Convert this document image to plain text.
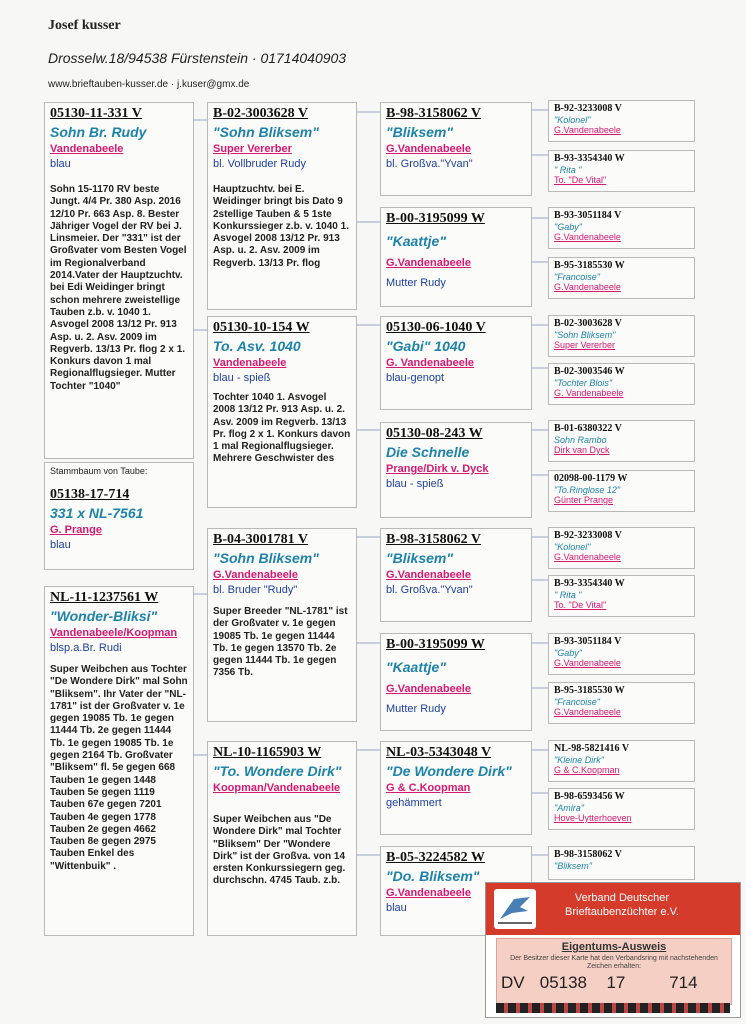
Josef kusser
Drosselw.18/94538 Fürstenstein · 01714040903
www.brieftauben-kusser.de · j.kuser@gmx.de
05130-11-331 V
Sohn Br. Rudy
Vandenabeele
blau
Sohn 15-1170 RV beste Jungt. 4/4 Pr. 380 Asp. 2016 12/10 Pr. 663 Asp. 8. Bester Jähriger Vogel der RV bei J. Linsmeier. Der "331" ist der Großvater vom Besten Vogel im Regionalverband 2014.Vater der Hauptzuchtv. bei Edi Weidinger bringt schon mehrere zweistellige Tauben z.b. v. 1040 1. Asvogel 2008 13/12 Pr. 913 Asp. u. 2. Asv. 2009 im Regverb. 13/13 Pr. flog 2 x 1. Konkurs davon 1 mal Regionalflugsieger. Mutter Tochter "1040"
Stammbaum von Taube:
05138-17-714
331 x NL-7561
G. Prange
blau
NL-11-1237561 W
"Wonder-Bliksi"
Vandenabeele/Koopman
blsp.a.Br. Rudi
Super Weibchen aus Tochter "De Wondere Dirk" mal Sohn "Bliksem". Ihr Vater der "NL-1781" ist der Großvater v. 1e gegen 19085 Tb. 1e gegen 11444 Tb. 2e gegen 11444 Tb. 1e gegen 19085 Tb. 1e gegen 2164 Tb. Großvater "Bliksem" fl. 5e gegen 668 Tauben 1e gegen 1448 Tauben 5e gegen 1119 Tauben 67e gegen 7201 Tauben 4e gegen 1778 Tauben 2e gegen 4662 Tauben 8e gegen 2975 Tauben Enkel des "Wittenbuik" .
B-02-3003628 V
"Sohn Bliksem"
Super Vererber
bl. Vollbruder Rudy
Hauptzuchtv. bei E. Weidinger bringt bis Dato 9 2stellige Tauben & 5 1ste Konkurssieger z.b. v. 1040 1. Asvogel 2008 13/12 Pr. 913 Asp. u. 2. Asv. 2009 im Regverb. 13/13 Pr. flog
05130-10-154 W
To. Asv. 1040
Vandenabeele
blau - spieß
Tochter 1040 1. Asvogel 2008 13/12 Pr. 913 Asp. u. 2. Asv. 2009 im Regverb. 13/13 Pr. flog 2 x 1. Konkurs davon 1 mal Regionalflugsieger. Mehrere Geschwister des
B-04-3001781 V
"Sohn Bliksem"
G.Vandenabeele
bl. Bruder "Rudy"
Super Breeder "NL-1781" ist der Großvater v. 1e gegen 19085 Tb. 1e gegen 11444 Tb. 1e gegen 13570 Tb. 2e gegen 11444 Tb. 1e gegen 7356 Tb.
NL-10-1165903 W
"To. Wondere Dirk"
Koopman/Vandenabeele
Super Weibchen aus "De Wondere Dirk" mal Tochter "Bliksem" Der "Wondere Dirk" ist der Großva. von 14 ersten Konkurssiegern geg. durchschn. 4745 Taub. z.b.
B-98-3158062 V
"Bliksem"
G.Vandenabeele
bl. Großva."Yvan"
B-00-3195099 W
"Kaattje"
G.Vandenabeele
Mutter Rudy
05130-06-1040 V
"Gabi" 1040
G. Vandenabeele
blau-genopt
05130-08-243 W
Die Schnelle
Prange/Dirk v. Dyck
blau - spieß
B-98-3158062 V
"Bliksem"
G.Vandenabeele
bl. Großva."Yvan"
B-00-3195099 W
"Kaattje"
G.Vandenabeele
Mutter Rudy
NL-03-5343048 V
"De Wondere Dirk"
G & C.Koopman
gehämmert
B-05-3224582 W
"Do. Bliksem"
G.Vandenabeele
blau
B-92-3233008 V
"Kolonel"
G.Vandenabeele
B-93-3354340 W
" Rita "
To. "De Vital"
B-93-3051184 V
"Gaby"
G.Vandenabeele
B-95-3185530 W
"Francoise"
G.Vandenabeele
B-02-3003628 V
"Sohn Bliksem"
Super Vererber
B-02-3003546 W
"Tochter Blois"
G. Vandenabeele
B-01-6380322 V
Sohn Rambo
Dirk van Dyck
02098-00-1179 W
"To.Ringlose 12"
Günter Prange
B-92-3233008 V
"Kolonel"
G.Vandenabeele
B-93-3354340 W
" Rita "
To. "De Vital"
B-93-3051184 V
"Gaby"
G.Vandenabeele
B-95-3185530 W
"Francoise"
G.Vandenabeele
NL-98-5821416 V
"Kleine Dirk"
G & C.Koopman
B-98-6593456 W
"Amira"
Hove-Uytterhoeven
B-98-3158062 V
"Bliksem"
Verband Deutscher
Brieftaubenzüchter e.V.
Eigentums-Ausweis
Der Besitzer dieser Karte hat den Verbandsring mit nachstehenden Zeichen erhalten:
DV 05138 17	714
